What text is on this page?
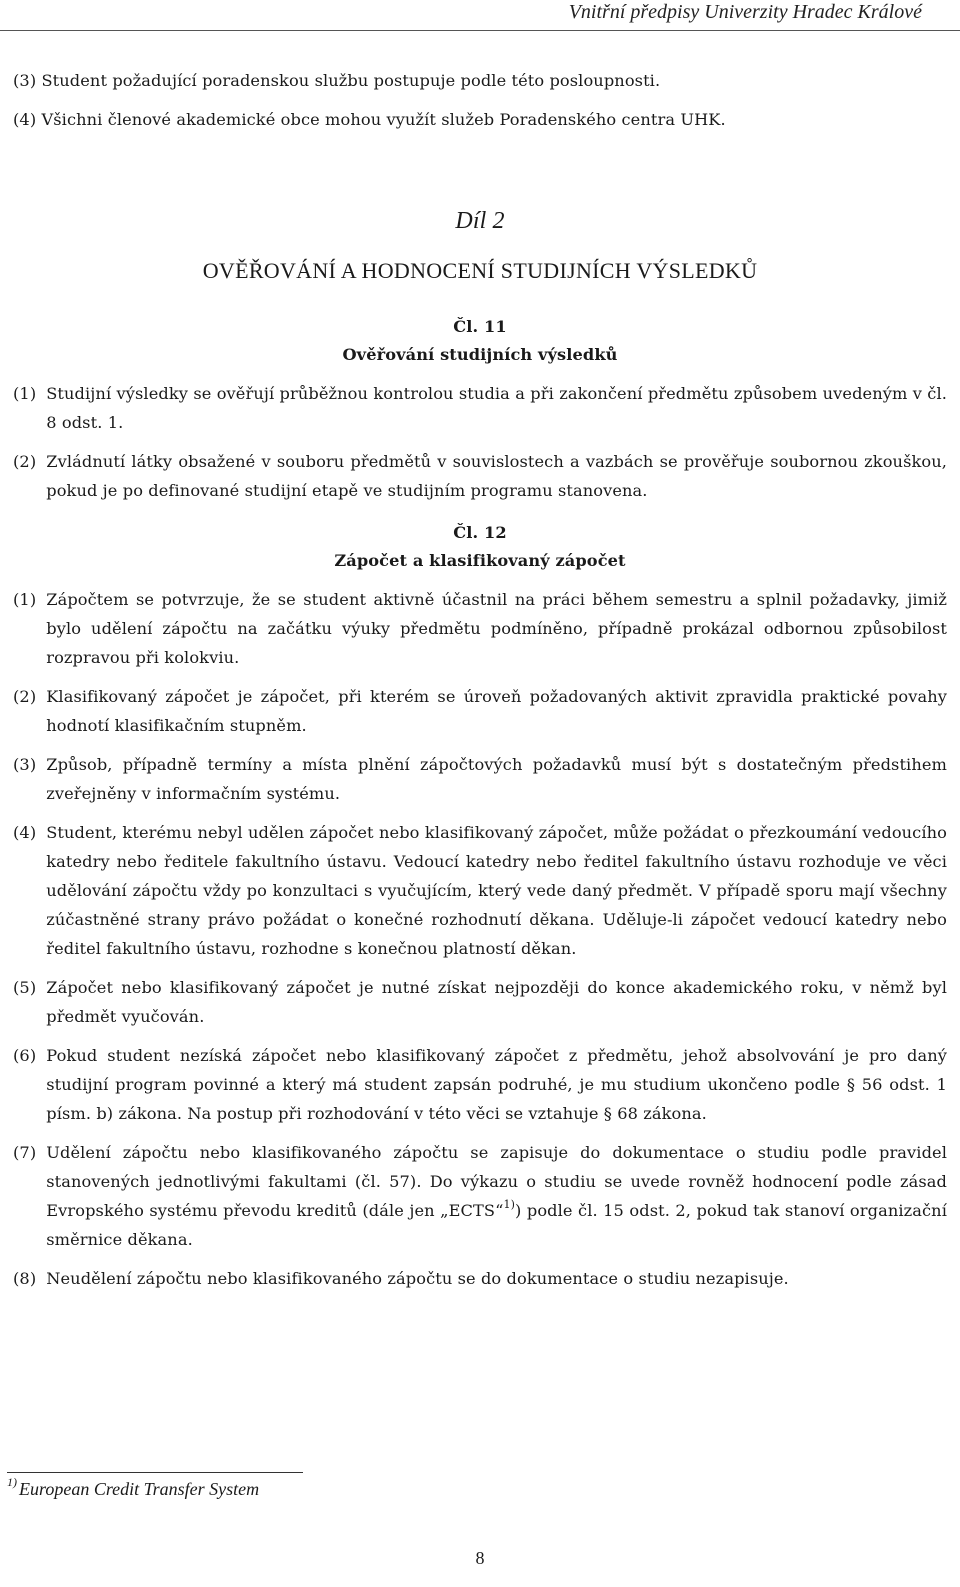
Vnitřní předpisy Univerzity Hradec Králové

(3) Student požadující poradenskou službu postupuje podle této posloupnosti.

(4) Všichni členové akademické obce mohou využít služeb Poradenského centra UHK.

Díl 2
OVĚŘOVÁNÍ A HODNOCENÍ STUDIJNÍCH VÝSLEDKŮ
Čl. 11
Ověřování studijních výsledků
(1) Studijní výsledky se ověřují průběžnou kontrolou studia a při zakončení předmětu způsobem uvedeným v čl. 8 odst. 1.
(2) Zvládnutí látky obsažené v souboru předmětů v souvislostech a vazbách se prověřuje soubornou zkouškou, pokud je po definované studijní etapě ve studijním programu stanovena.
Čl. 12
Zápočet a klasifikovaný zápočet
(1) Zápočtem se potvrzuje, že se student aktivně účastnil na práci během semestru a splnil požadavky, jimiž bylo udělení zápočtu na začátku výuky předmětu podmíněno, případně prokázal odbornou způsobilost rozpravou při kolokviu.
(2) Klasifikovaný zápočet je zápočet, při kterém se úroveň požadovaných aktivit zpravidla praktické povahy hodnotí klasifikačním stupněm.
(3) Způsob, případně termíny a místa plnění zápočtových požadavků musí být s dostatečným předstihem zveřejněny v informačním systému.
(4) Student, kterému nebyl udělen zápočet nebo klasifikovaný zápočet, může požádat o přezkoumání vedoucího katedry nebo ředitele fakultního ústavu. Vedoucí katedry nebo ředitel fakultního ústavu rozhoduje ve věci udělování zápočtu vždy po konzultaci s vyučujícím, který vede daný předmět. V případě sporu mají všechny zúčastněné strany právo požádat o konečné rozhodnutí děkana. Uděluje-li zápočet vedoucí katedry nebo ředitel fakultního ústavu, rozhodne s konečnou platností děkan.
(5) Zápočet nebo klasifikovaný zápočet je nutné získat nejpozději do konce akademického roku, v němž byl předmět vyučován.
(6) Pokud student nezíská zápočet nebo klasifikovaný zápočet z předmětu, jehož absolvování je pro daný studijní program povinné a který má student zapsán podruhé, je mu studium ukončeno podle § 56 odst. 1 písm. b) zákona. Na postup při rozhodování v této věci se vztahuje § 68 zákona.
(7) Udělení zápočtu nebo klasifikovaného zápočtu se zapisuje do dokumentace o studiu podle pravidel stanovených jednotlivými fakultami (čl. 57). Do výkazu o studiu se uvede rovněž hodnocení podle zásad Evropského systému převodu kreditů (dále jen „ECTS“$^{1)}$) podle čl. 15 odst. 2, pokud tak stanoví organizační směrnice děkana.
(8) Neudělení zápočtu nebo klasifikovaného zápočtu se do dokumentace o studiu nezapisuje.
$^{1)}$ European Credit Transfer System
8
